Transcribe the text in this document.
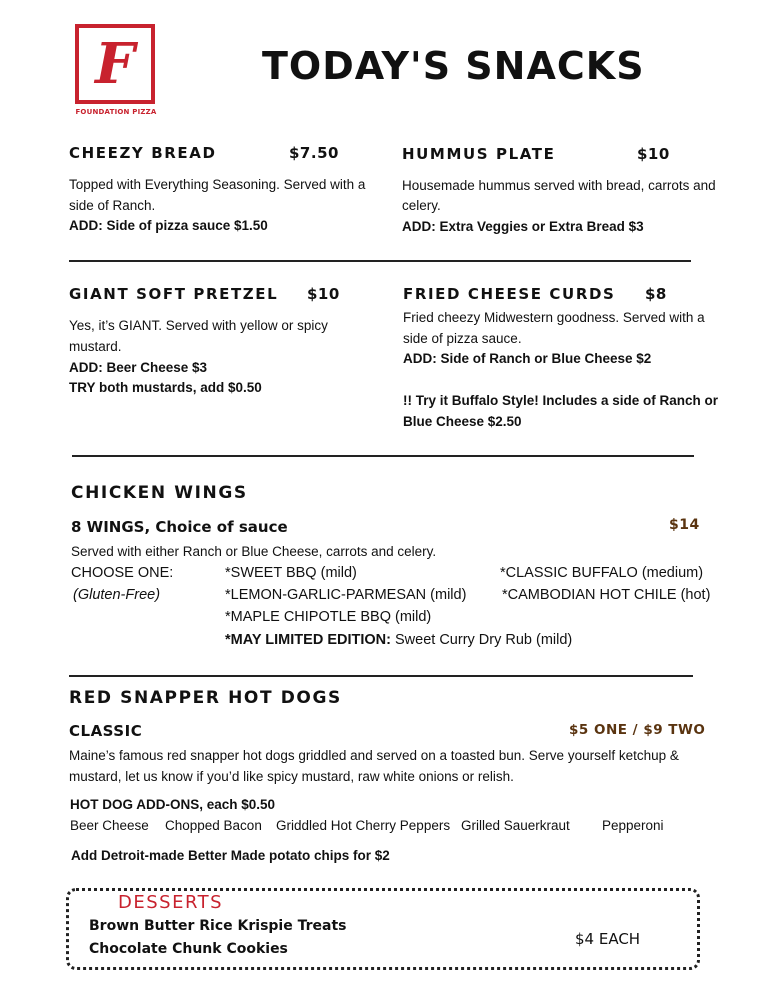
F
FOUNDATION PIZZA
TODAY'S SNACKS
CHEEZY BREAD	$7.50
Topped with Everything Seasoning. Served with a
side of Ranch.
ADD: Side of pizza sauce $1.50
HUMMUS PLATE	$10
Housemade hummus served with bread, carrots and
celery.
ADD: Extra Veggies or Extra Bread $3
GIANT SOFT PRETZEL $10
Yes, it’s GIANT. Served with yellow or spicy
mustard.
ADD: Beer Cheese $3
TRY both mustards, add $0.50
FRIED CHEESE CURDS $8
Fried cheezy Midwestern goodness. Served with a
side of pizza sauce.
ADD: Side of Ranch or Blue Cheese $2
!! Try it Buffalo Style! Includes a side of Ranch or
Blue Cheese $2.50
CHICKEN WINGS
8 WINGS, Choice of sauce	$14
Served with either Ranch or Blue Cheese, carrots and celery.
CHOOSE ONE:
(Gluten-Free)
*SWEET BBQ (mild)
*LEMON-GARLIC-PARMESAN (mild)
*MAPLE CHIPOTLE BBQ (mild)
*MAY LIMITED EDITION: Sweet Curry Dry Rub (mild)
*CLASSIC BUFFALO (medium)
*CAMBODIAN HOT CHILE (hot)
RED SNAPPER HOT DOGS
CLASSIC	$5 ONE / $9 TWO
Maine’s famous red snapper hot dogs griddled and served on a toasted bun. Serve yourself ketchup &
mustard, let us know if you’d like spicy mustard, raw white onions or relish.
HOT DOG ADD-ONS, each $0.50
Beer Cheese Chopped Bacon Griddled Hot Cherry Peppers Grilled Sauerkraut Pepperoni
Add Detroit-made Better Made potato chips for $2
DESSERTS
Brown Butter Rice Krispie Treats
Chocolate Chunk Cookies
$4 EACH
